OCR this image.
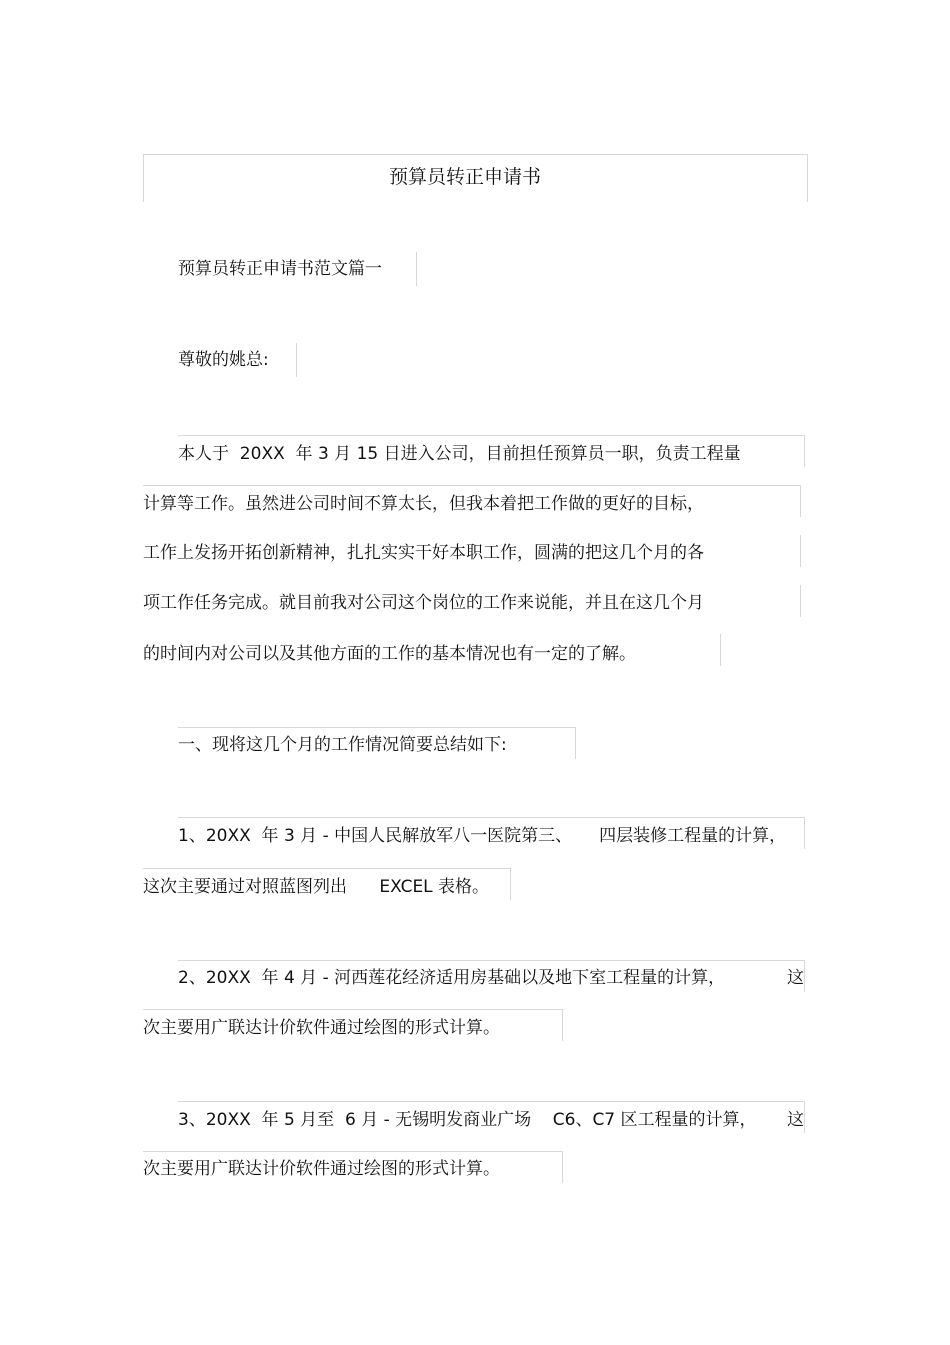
预算员转正申请书
预算员转正申请书范文篇一
尊敬的姚总:
本人于  20XX  年 3 月 15 日进入公司，目前担任预算员一职，负责工程量
计算等工作。虽然进公司时间不算太长，但我本着把工作做的更好的目标，
工作上发扬开拓创新精神，扎扎实实干好本职工作，圆满的把这几个月的各
项工作任务完成。就目前我对公司这个岗位的工作来说能，并且在这几个月
的时间内对公司以及其他方面的工作的基本情况也有一定的了解。
一、现将这几个月的工作情况简要总结如下:
1、20XX  年 3 月 - 中国人民解放军八一医院第三、     四层装修工程量的计算，
这次主要通过对照蓝图列出      EXCEL 表格。
2、20XX  年 4 月 - 河西莲花经济适用房基础以及地下室工程量的计算，	这
次主要用广联达计价软件通过绘图的形式计算。
3、20XX  年 5 月至  6 月 - 无锡明发商业广场    C6、C7 区工程量的计算， 这
次主要用广联达计价软件通过绘图的形式计算。
